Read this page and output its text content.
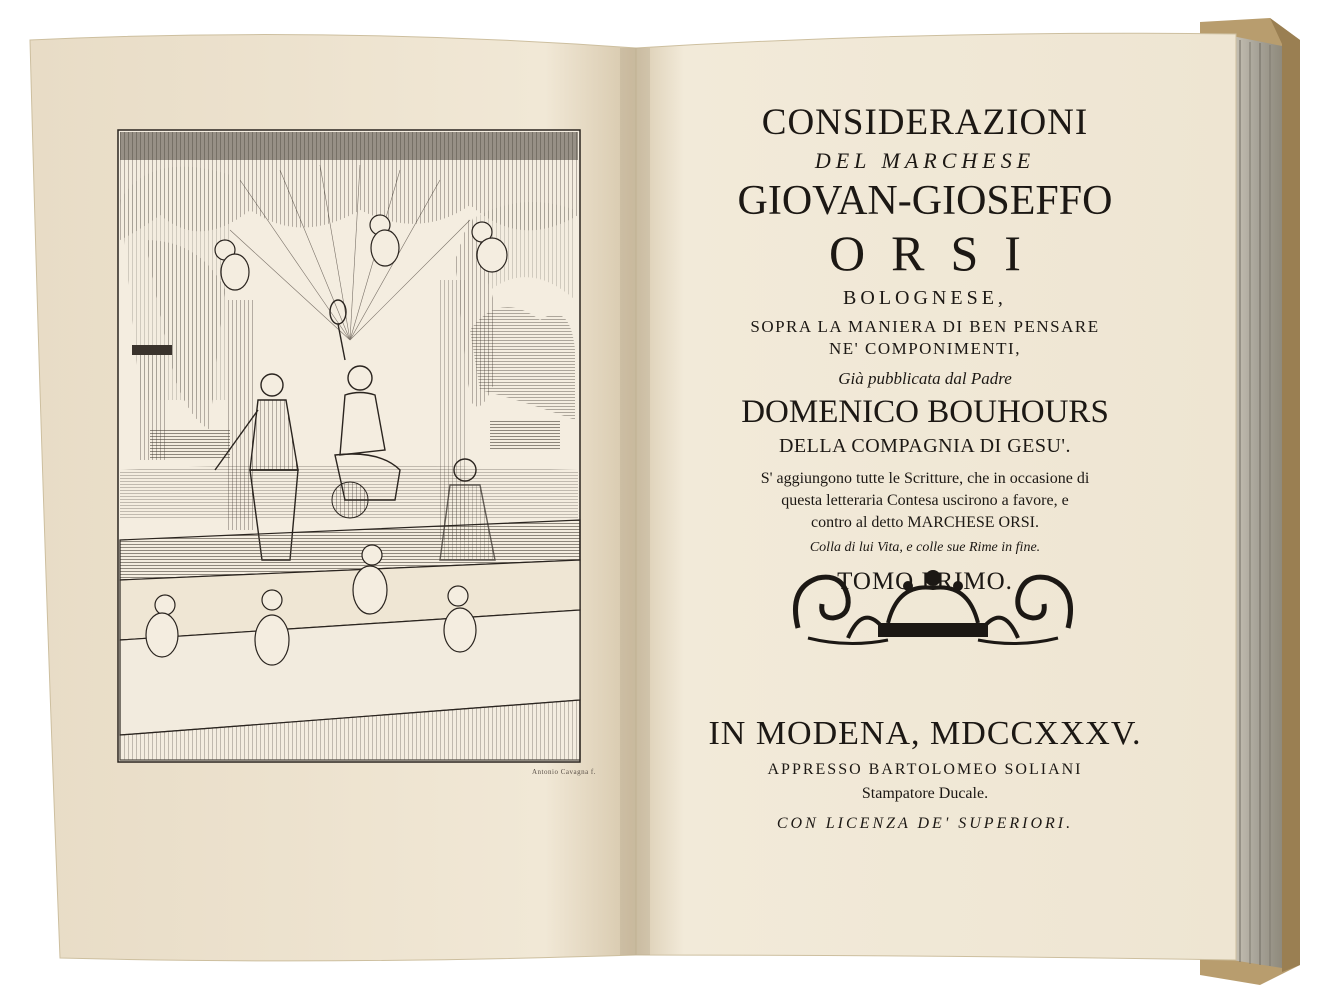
Antonio Cavagna f.
CONSIDERAZIONI
DEL MARCHESE
GIOVAN-GIOSEFFO
ORSI
BOLOGNESE,
SOPRA LA MANIERA DI BEN PENSARE
NE' COMPONIMENTI,
Già pubblicata dal Padre
DOMENICO BOUHOURS
DELLA COMPAGNIA DI GESU'.
S' aggiungono tutte le Scritture, che in occasione di
questa letteraria Contesa uscirono a favore, e
contro al detto MARCHESE ORSI.
Colla di lui Vita, e colle sue Rime in fine.
TOMO PRIMO.
IN MODENA, MDCCXXXV.
APPRESSO BARTOLOMEO SOLIANI
Stampatore Ducale.
CON LICENZA DE' SUPERIORI.
